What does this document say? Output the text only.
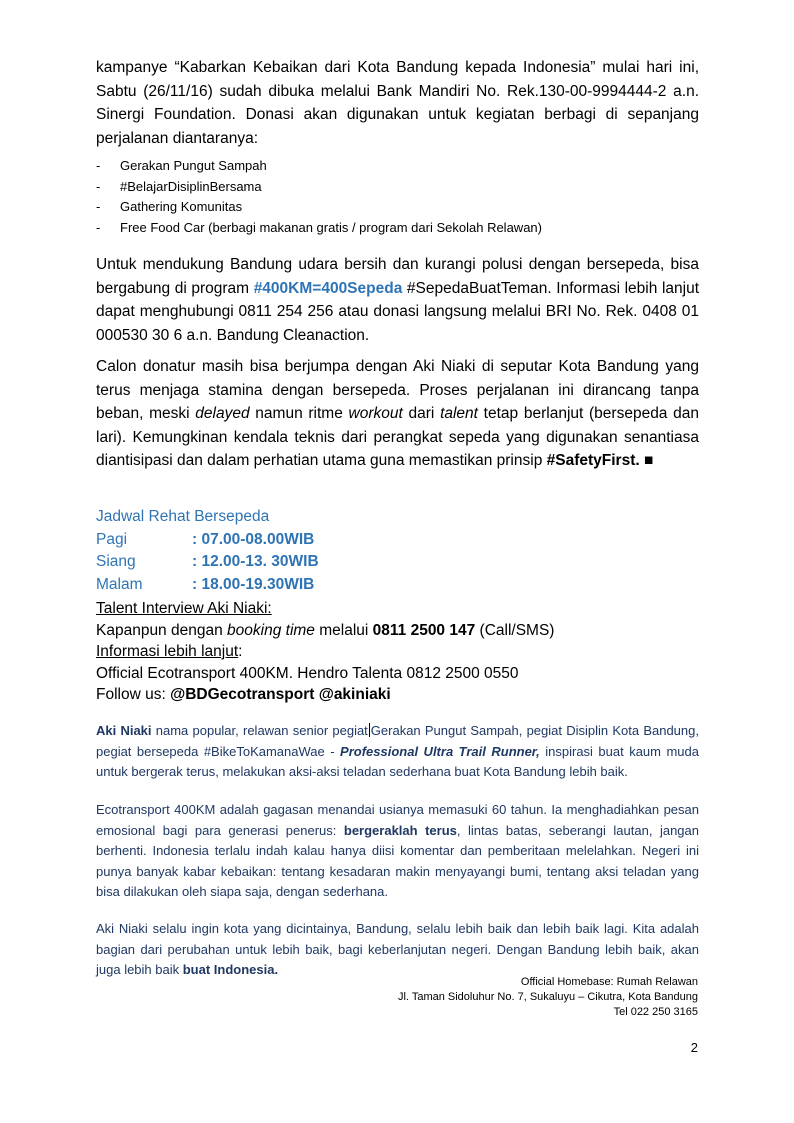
kampanye “Kabarkan Kebaikan dari Kota Bandung kepada Indonesia” mulai hari ini, Sabtu (26/11/16) sudah dibuka melalui Bank Mandiri No. Rek.130-00-9994444-2 a.n. Sinergi Foundation. Donasi akan digunakan untuk kegiatan berbagi di sepanjang perjalanan diantaranya:
- Gerakan Pungut Sampah
- #BelajarDisiplinBersama
- Gathering Komunitas
- Free Food Car (berbagi makanan gratis / program dari Sekolah Relawan)
Untuk mendukung Bandung udara bersih dan kurangi polusi dengan bersepeda, bisa bergabung di program #400KM=400Sepeda #SepedaBuatTeman. Informasi lebih lanjut dapat menghubungi 0811 254 256 atau donasi langsung melalui BRI No. Rek. 0408 01 000530 30 6 a.n. Bandung Cleanaction.
Calon donatur masih bisa berjumpa dengan Aki Niaki di seputar Kota Bandung yang terus menjaga stamina dengan bersepeda. Proses perjalanan ini dirancang tanpa beban, meski delayed namun ritme workout dari talent tetap berlanjut (bersepeda dan lari). Kemungkinan kendala teknis dari perangkat sepeda yang digunakan senantiasa diantisipasi dan dalam perhatian utama guna memastikan prinsip #SafetyFirst. ■
Jadwal Rehat Bersepeda
Pagi	: 07.00-08.00WIB
Siang	: 12.00-13. 30WIB
Malam	: 18.00-19.30WIB
Talent Interview Aki Niaki:
Kapanpun dengan booking time melalui 0811 2500 147 (Call/SMS)
Informasi lebih lanjut:
Official Ecotransport 400KM. Hendro Talenta 0812 2500 0550
Follow us: @BDGecotransport @akiniaki
Aki Niaki nama popular, relawan senior pegiat Gerakan Pungut Sampah, pegiat Disiplin Kota Bandung, pegiat bersepeda #BikeToKamanaWae - Professional Ultra Trail Runner, inspirasi buat kaum muda untuk bergerak terus, melakukan aksi-aksi teladan sederhana buat Kota Bandung lebih baik.
Ecotransport 400KM adalah gagasan menandai usianya memasuki 60 tahun. Ia menghadiahkan pesan emosional bagi para generasi penerus: bergeraklah terus, lintas batas, seberangi lautan, jangan berhenti. Indonesia terlalu indah kalau hanya diisi komentar dan pemberitaan melelahkan. Negeri ini punya banyak kabar kebaikan: tentang kesadaran makin menyayangi bumi, tentang aksi teladan yang bisa dilakukan oleh siapa saja, dengan sederhana.
Aki Niaki selalu ingin kota yang dicintainya, Bandung, selalu lebih baik dan lebih baik lagi. Kita adalah bagian dari perubahan untuk lebih baik, bagi keberlanjutan negeri. Dengan Bandung lebih baik, akan juga lebih baik buat Indonesia.
Official Homebase: Rumah Relawan
Jl. Taman Sidoluhur No. 7, Sukaluyu – Cikutra, Kota Bandung
Tel 022 250 3165
2
